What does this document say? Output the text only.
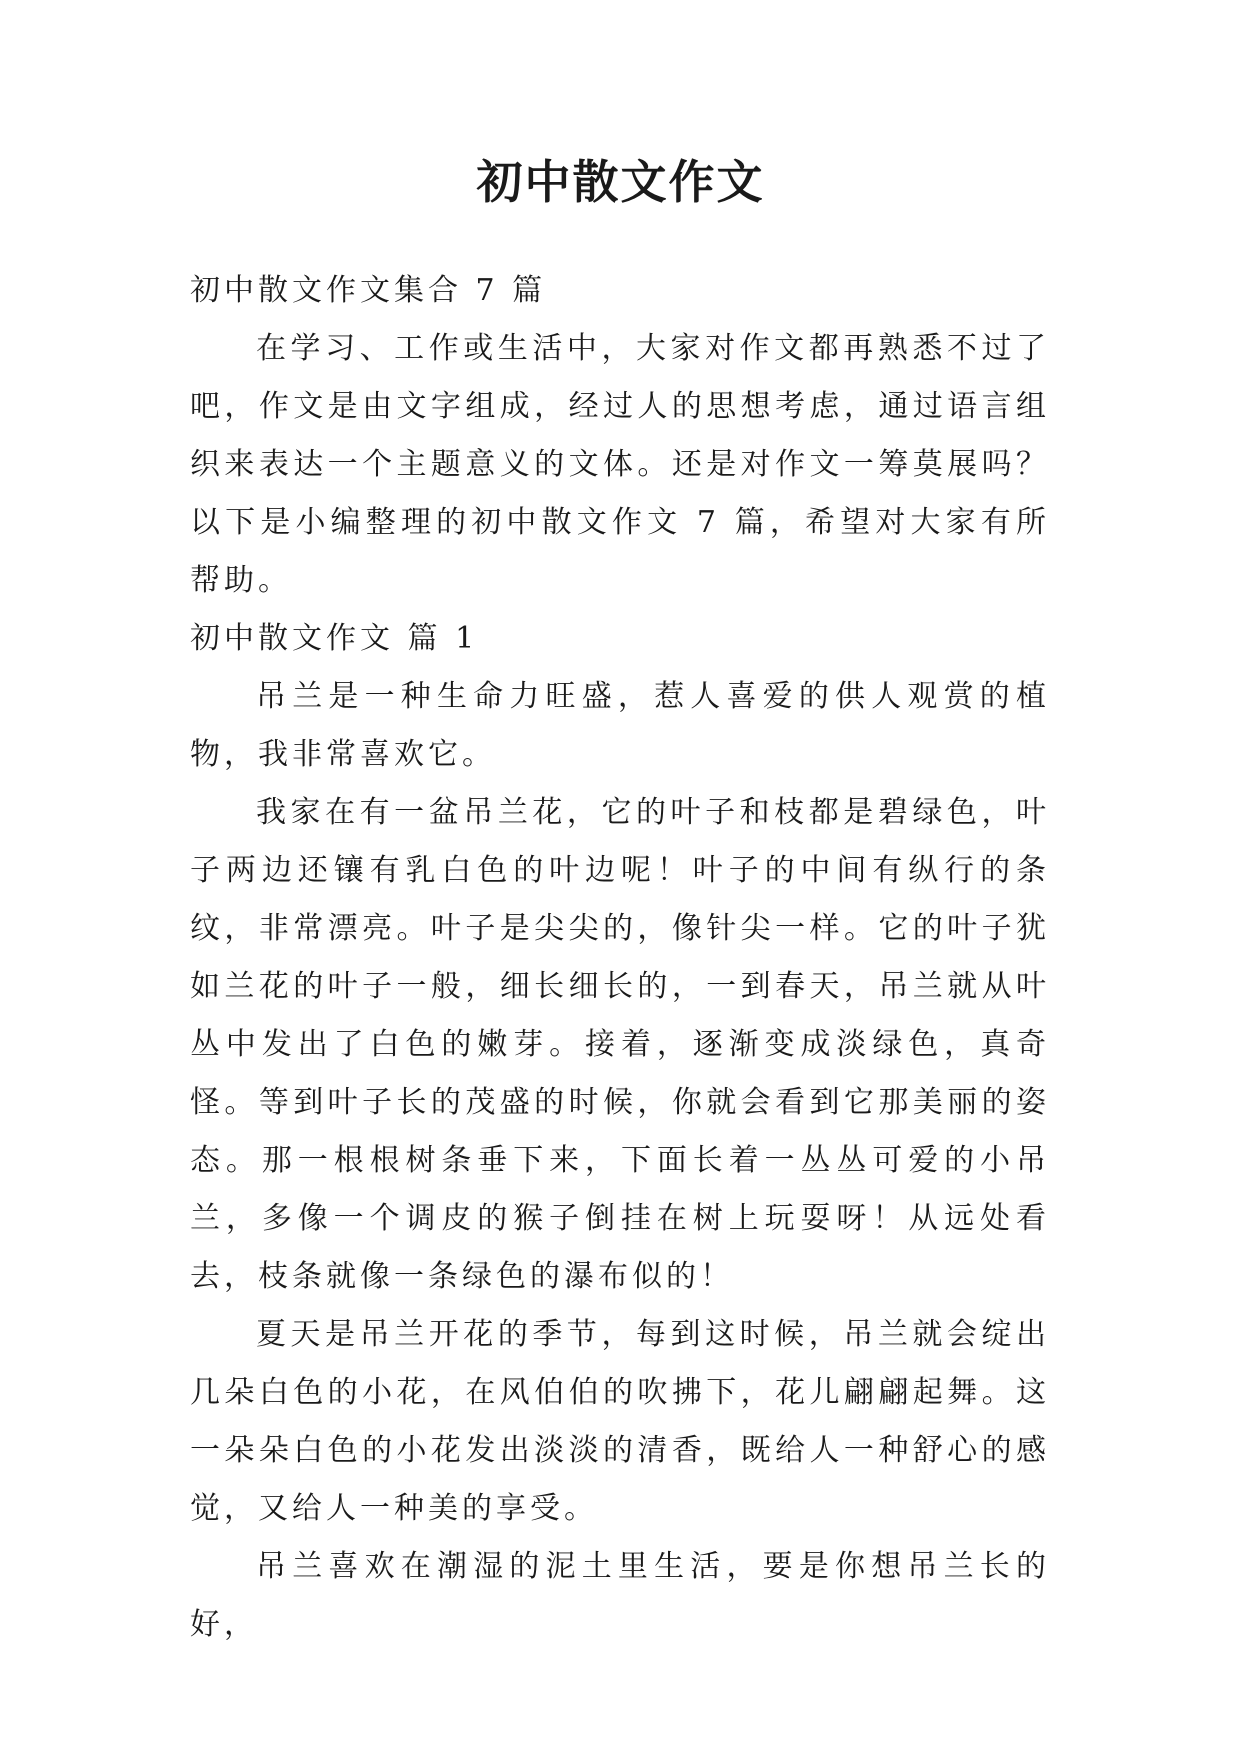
初中散文作文

初中散文作文集合 7 篇

在学习、工作或生活中，大家对作文都再熟悉不过了吧，作文是由文字组成，经过人的思想考虑，通过语言组织来表达一个主题意义的文体。还是对作文一筹莫展吗？以下是小编整理的初中散文作文 7 篇，希望对大家有所帮助。

初中散文作文 篇 1

吊兰是一种生命力旺盛，惹人喜爱的供人观赏的植物，我非常喜欢它。

我家在有一盆吊兰花，它的叶子和枝都是碧绿色，叶子两边还镶有乳白色的叶边呢！叶子的中间有纵行的条纹，非常漂亮。叶子是尖尖的，像针尖一样。它的叶子犹如兰花的叶子一般，细长细长的，一到春天，吊兰就从叶丛中发出了白色的嫩芽。接着，逐渐变成淡绿色，真奇怪。等到叶子长的茂盛的时候，你就会看到它那美丽的姿态。那一根根树条垂下来，下面长着一丛丛可爱的小吊兰，多像一个调皮的猴子倒挂在树上玩耍呀！从远处看去，枝条就像一条绿色的瀑布似的！

夏天是吊兰开花的季节，每到这时候，吊兰就会绽出几朵白色的小花，在风伯伯的吹拂下，花儿翩翩起舞。这一朵朵白色的小花发出淡淡的清香，既给人一种舒心的感觉，又给人一种美的享受。

吊兰喜欢在潮湿的泥土里生活，要是你想吊兰长的好，
